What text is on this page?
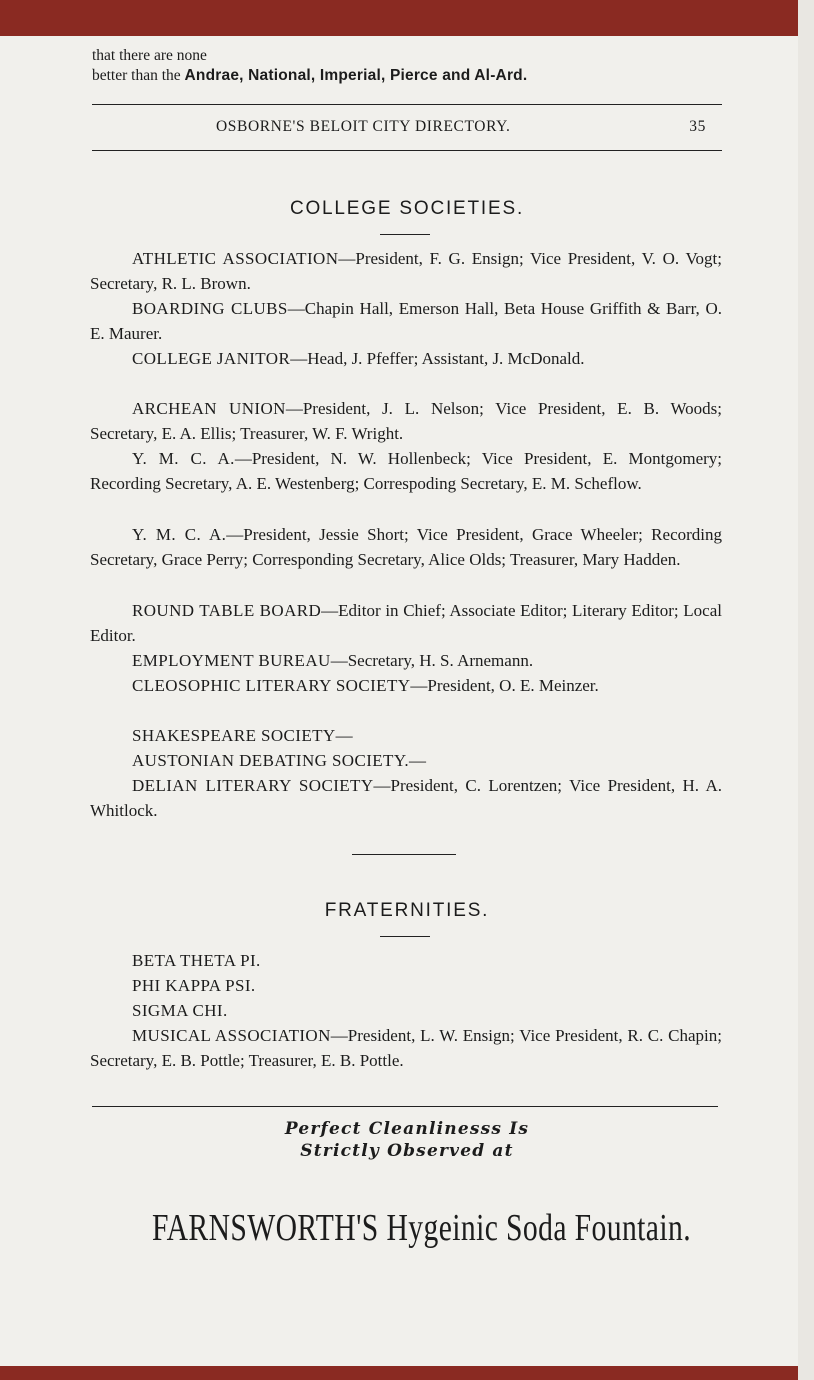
that there are none
better than the Andrae, National, Imperial, Pierce and Al-Ard.
OSBORNE'S BELOIT CITY DIRECTORY.	35
COLLEGE SOCIETIES.
ATHLETIC ASSOCIATION—President, F. G. Ensign; Vice President, V. O. Vogt; Secretary, R. L. Brown.
BOARDING CLUBS—Chapin Hall, Emerson Hall, Beta House Griffith & Barr, O. E. Maurer.
COLLEGE JANITOR—Head, J. Pfeffer; Assistant, J. McDonald.
ARCHEAN UNION—President, J. L. Nelson; Vice President, E. B. Woods; Secretary, E. A. Ellis; Treasurer, W. F. Wright.
Y. M. C. A.—President, N. W. Hollenbeck; Vice President, E. Montgomery; Recording Secretary, A. E. Westenberg; Correspoding Secretary, E. M. Scheflow.
Y. M. C. A.—President, Jessie Short; Vice President, Grace Wheeler; Recording Secretary, Grace Perry; Corresponding Secretary, Alice Olds; Treasurer, Mary Hadden.
ROUND TABLE BOARD—Editor in Chief; Associate Editor; Literary Editor; Local Editor.
EMPLOYMENT BUREAU—Secretary, H. S. Arnemann.
CLEOSOPHIC LITERARY SOCIETY—President, O. E. Meinzer.
SHAKESPEARE SOCIETY—
AUSTONIAN DEBATING SOCIETY.—
DELIAN LITERARY SOCIETY—President, C. Lorentzen; Vice President, H. A. Whitlock.
FRATERNITIES.
BETA THETA PI.
PHI KAPPA PSI.
SIGMA CHI.
MUSICAL ASSOCIATION—President, L. W. Ensign; Vice President, R. C. Chapin; Secretary, E. B. Pottle; Treasurer, E. B. Pottle.
Perfect Cleanlinesss Is
Strictly Observed at
FARNSWORTH'S Hygeinic Soda Fountain.
